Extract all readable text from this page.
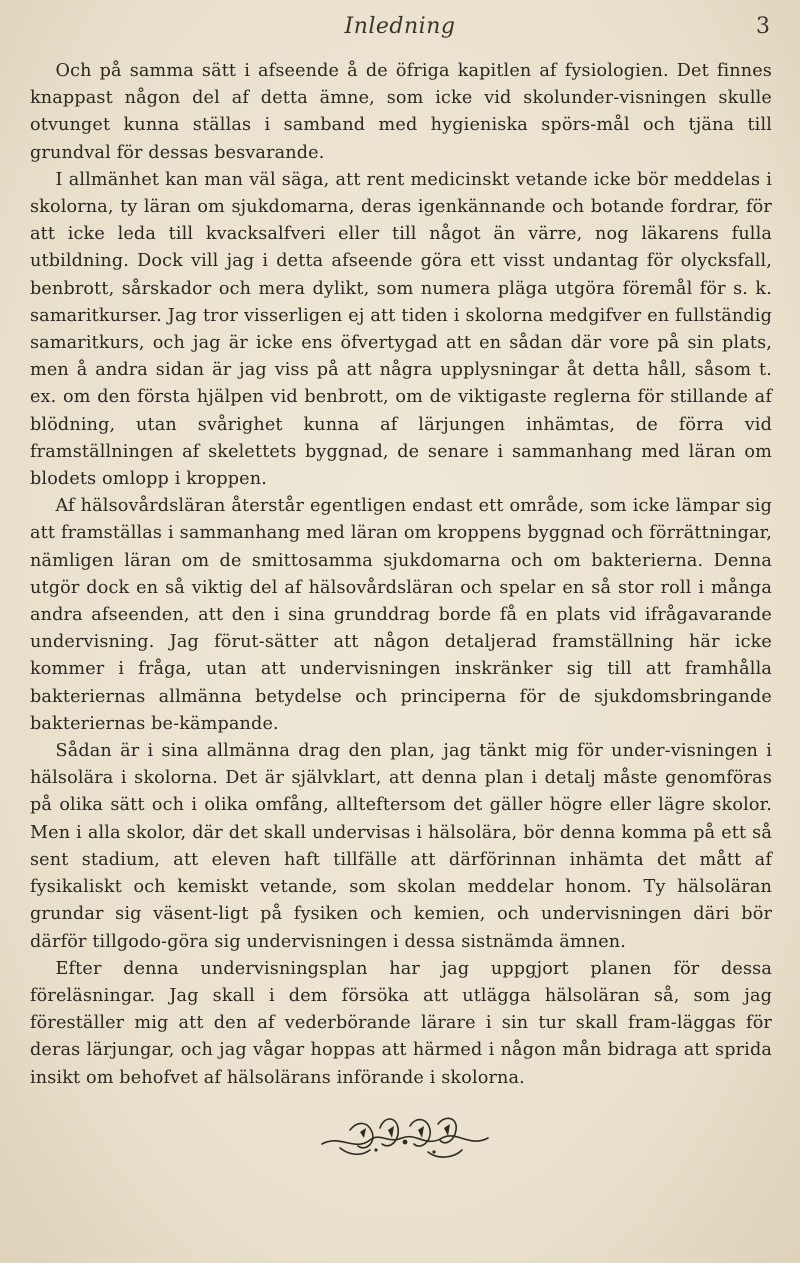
Inledning	3

Och på samma sätt i afseende å de öfriga kapitlen af fysiologien. Det finnes knappast någon del af detta ämne, som icke vid skolunder-visningen skulle otvunget kunna ställas i samband med hygieniska spörs-mål och tjäna till grundval för dessas besvarande.

I allmänhet kan man väl säga, att rent medicinskt vetande icke bör meddelas i skolorna, ty läran om sjukdomarna, deras igenkännande och botande fordrar, för att icke leda till kvacksalfveri eller till något än värre, nog läkarens fulla utbildning. Dock vill jag i detta afseende göra ett visst undantag för olycksfall, benbrott, sårskador och mera dylikt, som numera pläga utgöra föremål för s. k. samaritkurser. Jag tror visserligen ej att tiden i skolorna medgifver en fullständig samaritkurs, och jag är icke ens öfvertygad att en sådan där vore på sin plats, men å andra sidan är jag viss på att några upplysningar åt detta håll, såsom t. ex. om den första hjälpen vid benbrott, om de viktigaste reglerna för stillande af blödning, utan svårighet kunna af lärjungen inhämtas, de förra vid framställningen af skelettets byggnad, de senare i sammanhang med läran om blodets omlopp i kroppen.

Af hälsovårdsläran återstår egentligen endast ett område, som icke lämpar sig att framställas i sammanhang med läran om kroppens byggnad och förrättningar, nämligen läran om de smittosamma sjukdomarna och om bakterierna. Denna utgör dock en så viktig del af hälsovårdsläran och spelar en så stor roll i många andra afseenden, att den i sina grunddrag borde få en plats vid ifrågavarande undervisning. Jag förut-sätter att någon detaljerad framställning här icke kommer i fråga, utan att undervisningen inskränker sig till att framhålla bakteriernas allmänna betydelse och principerna för de sjukdomsbringande bakteriernas be-kämpande.

Sådan är i sina allmänna drag den plan, jag tänkt mig för under-visningen i hälsolära i skolorna. Det är självklart, att denna plan i detalj måste genomföras på olika sätt och i olika omfång, allteftersom det gäller högre eller lägre skolor. Men i alla skolor, där det skall undervisas i hälsolära, bör denna komma på ett så sent stadium, att eleven haft tillfälle att därförinnan inhämta det mått af fysikaliskt och kemiskt vetande, som skolan meddelar honom. Ty hälsoläran grundar sig väsent-ligt på fysiken och kemien, och undervisningen däri bör därför tillgodo-göra sig undervisningen i dessa sistnämda ämnen.

Efter denna undervisningsplan har jag uppgjort planen för dessa föreläsningar. Jag skall i dem försöka att utlägga hälsoläran så, som jag föreställer mig att den af vederbörande lärare i sin tur skall fram-läggas för deras lärjungar, och jag vågar hoppas att härmed i någon mån bidraga att sprida insikt om behofvet af hälsolärans införande i skolorna.
